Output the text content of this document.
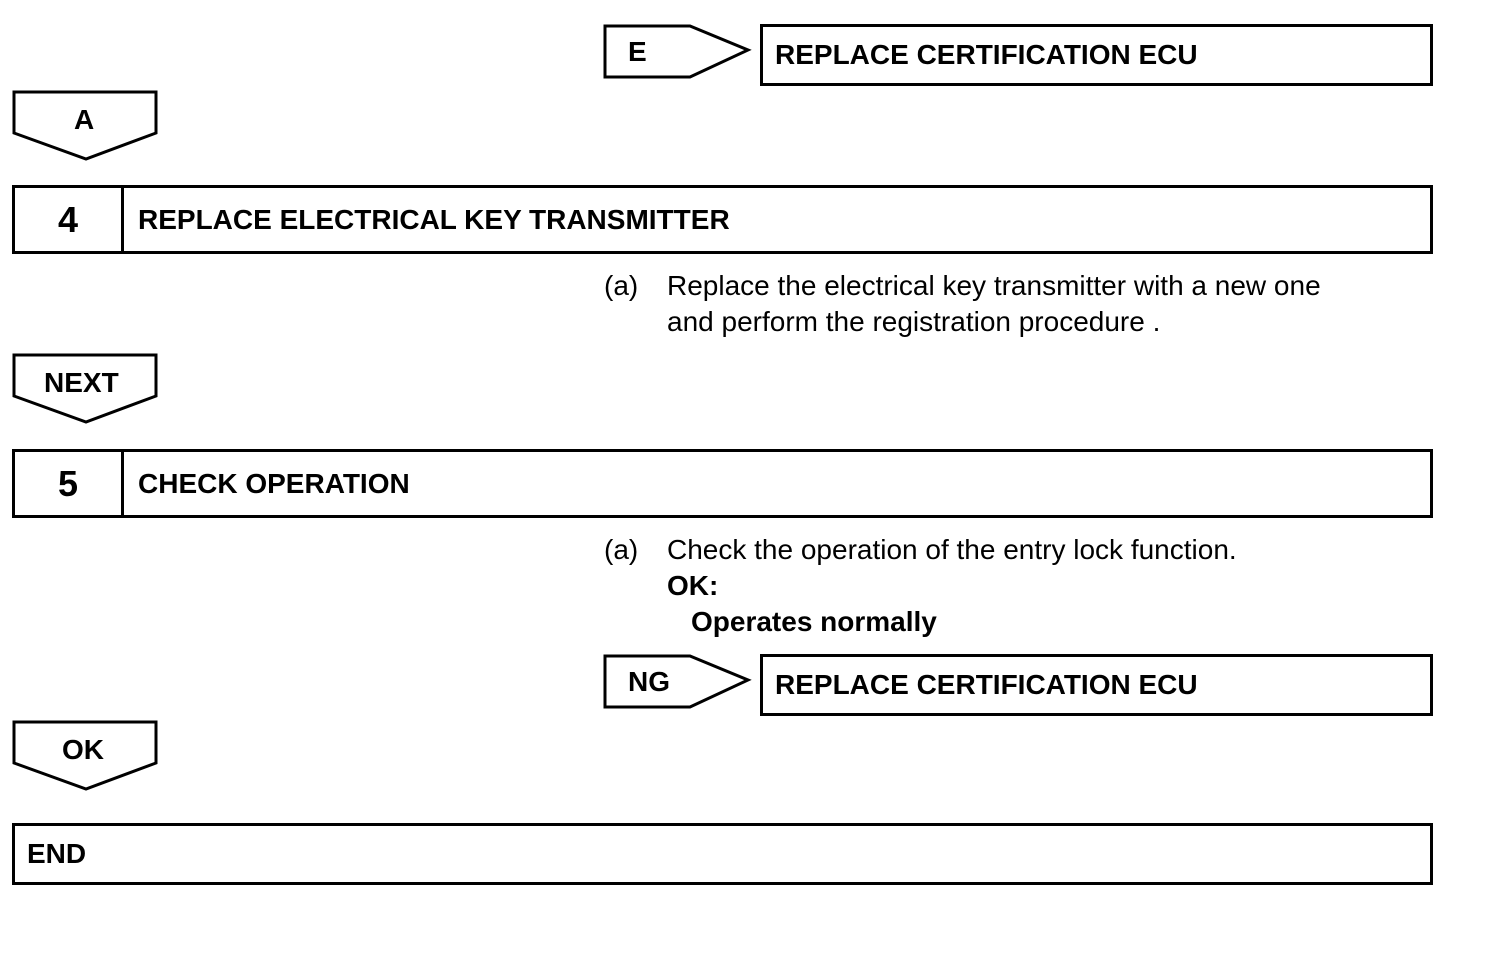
E	REPLACE CERTIFICATION ECU
A
4	REPLACE ELECTRICAL KEY TRANSMITTER
(a) Replace the electrical key transmitter with a new one
and perform the registration procedure .
NEXT
5	CHECK OPERATION
(a) Check the operation of the entry lock function.
OK:
Operates normally
NG	REPLACE CERTIFICATION ECU
OK
END
